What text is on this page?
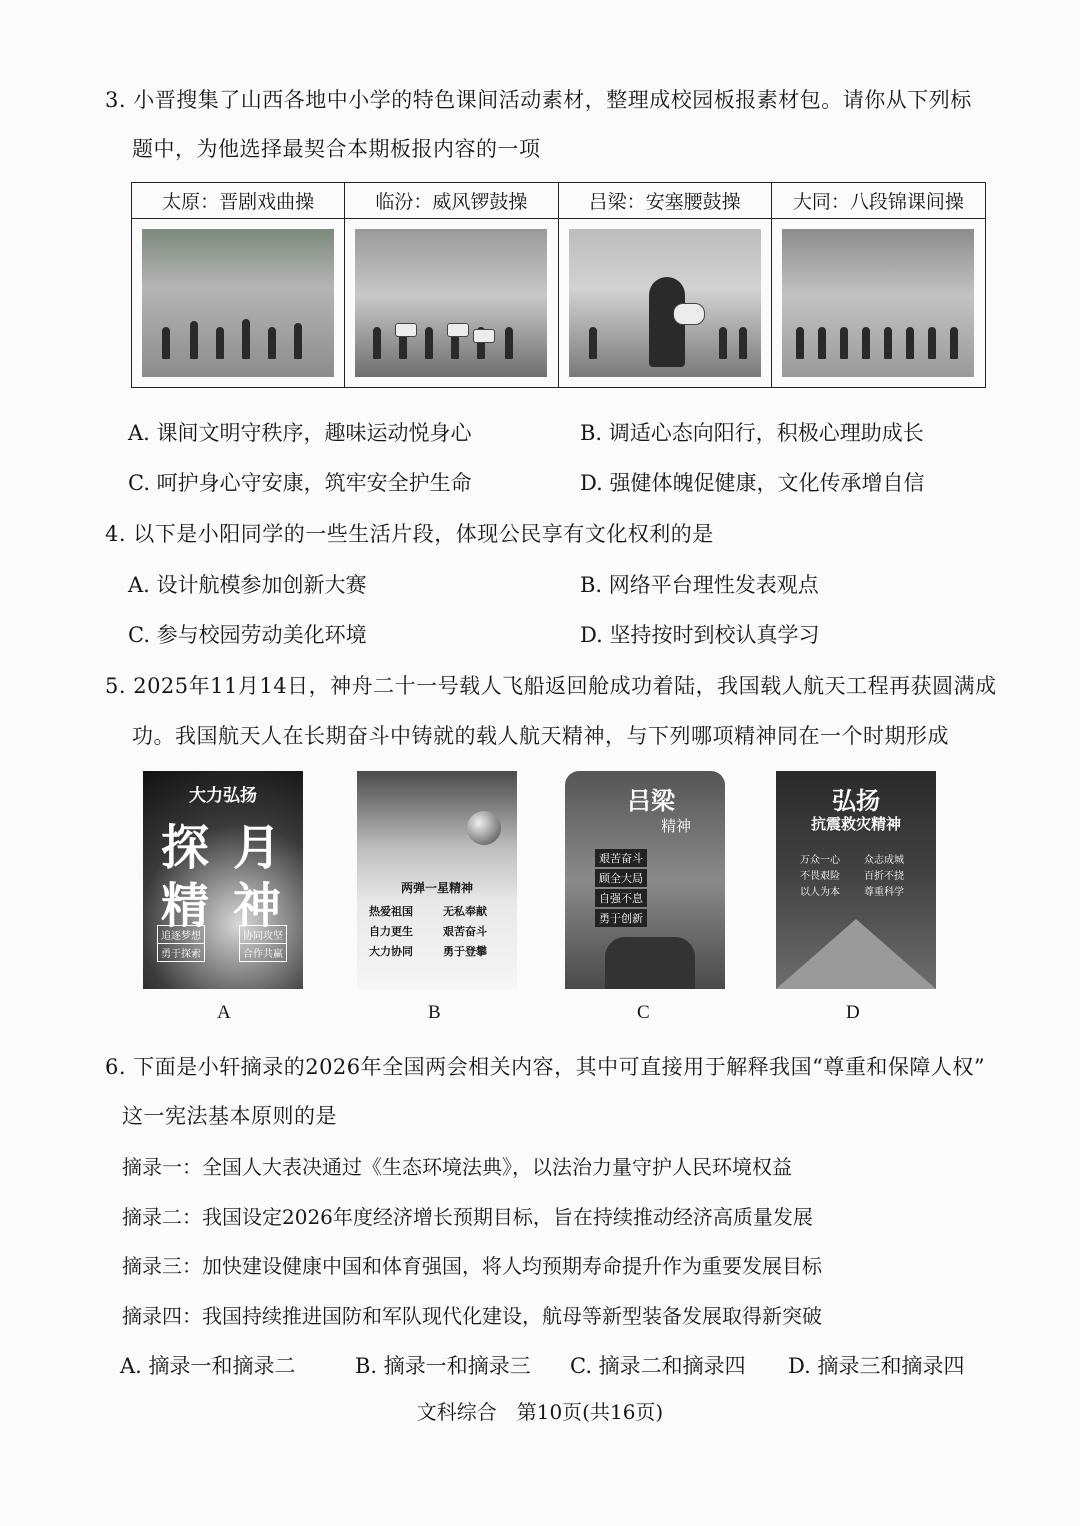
3. 小晋搜集了山西各地中小学的特色课间活动素材，整理成校园板报素材包。请你从下列标
题中，为他选择最契合本期板报内容的一项
太原：晋剧戏曲操	临汾：威风锣鼓操	吕梁：安塞腰鼓操	大同：八段锦课间操
A. 课间文明守秩序，趣味运动悦身心	B. 调适心态向阳行，积极心理助成长
C. 呵护身心守安康，筑牢安全护生命	D. 强健体魄促健康，文化传承增自信
4. 以下是小阳同学的一些生活片段，体现公民享有文化权利的是
A. 设计航模参加创新大赛	B. 网络平台理性发表观点
C. 参与校园劳动美化环境	D. 坚持按时到校认真学习
5. 2025年11月14日，神舟二十一号载人飞船返回舱成功着陆，我国载人航天工程再获圆满成
功。我国航天人在长期奋斗中铸就的载人航天精神，与下列哪项精神同在一个时期形成
大力弘扬
探 月
精 神
追逐梦想
勇于探索
协同攻坚
合作共赢
两弹一星精神
热爱祖国	无私奉献
自力更生	艰苦奋斗
大力协同	勇于登攀
吕梁
精神
艰苦奋斗
顾全大局
自强不息
勇于创新
弘扬
抗震救灾精神
万众一心 众志成城
不畏艰险 百折不挠
以人为本 尊重科学
A	B	C	D
6. 下面是小轩摘录的2026年全国两会相关内容，其中可直接用于解释我国“尊重和保障人权”
这一宪法基本原则的是
摘录一：全国人大表决通过《生态环境法典》，以法治力量守护人民环境权益
摘录二：我国设定2026年度经济增长预期目标，旨在持续推动经济高质量发展
摘录三：加快建设健康中国和体育强国，将人均预期寿命提升作为重要发展目标
摘录四：我国持续推进国防和军队现代化建设，航母等新型装备发展取得新突破
A. 摘录一和摘录二	B. 摘录一和摘录三 C. 摘录二和摘录四 D. 摘录三和摘录四
文科综合　第10页(共16页)
